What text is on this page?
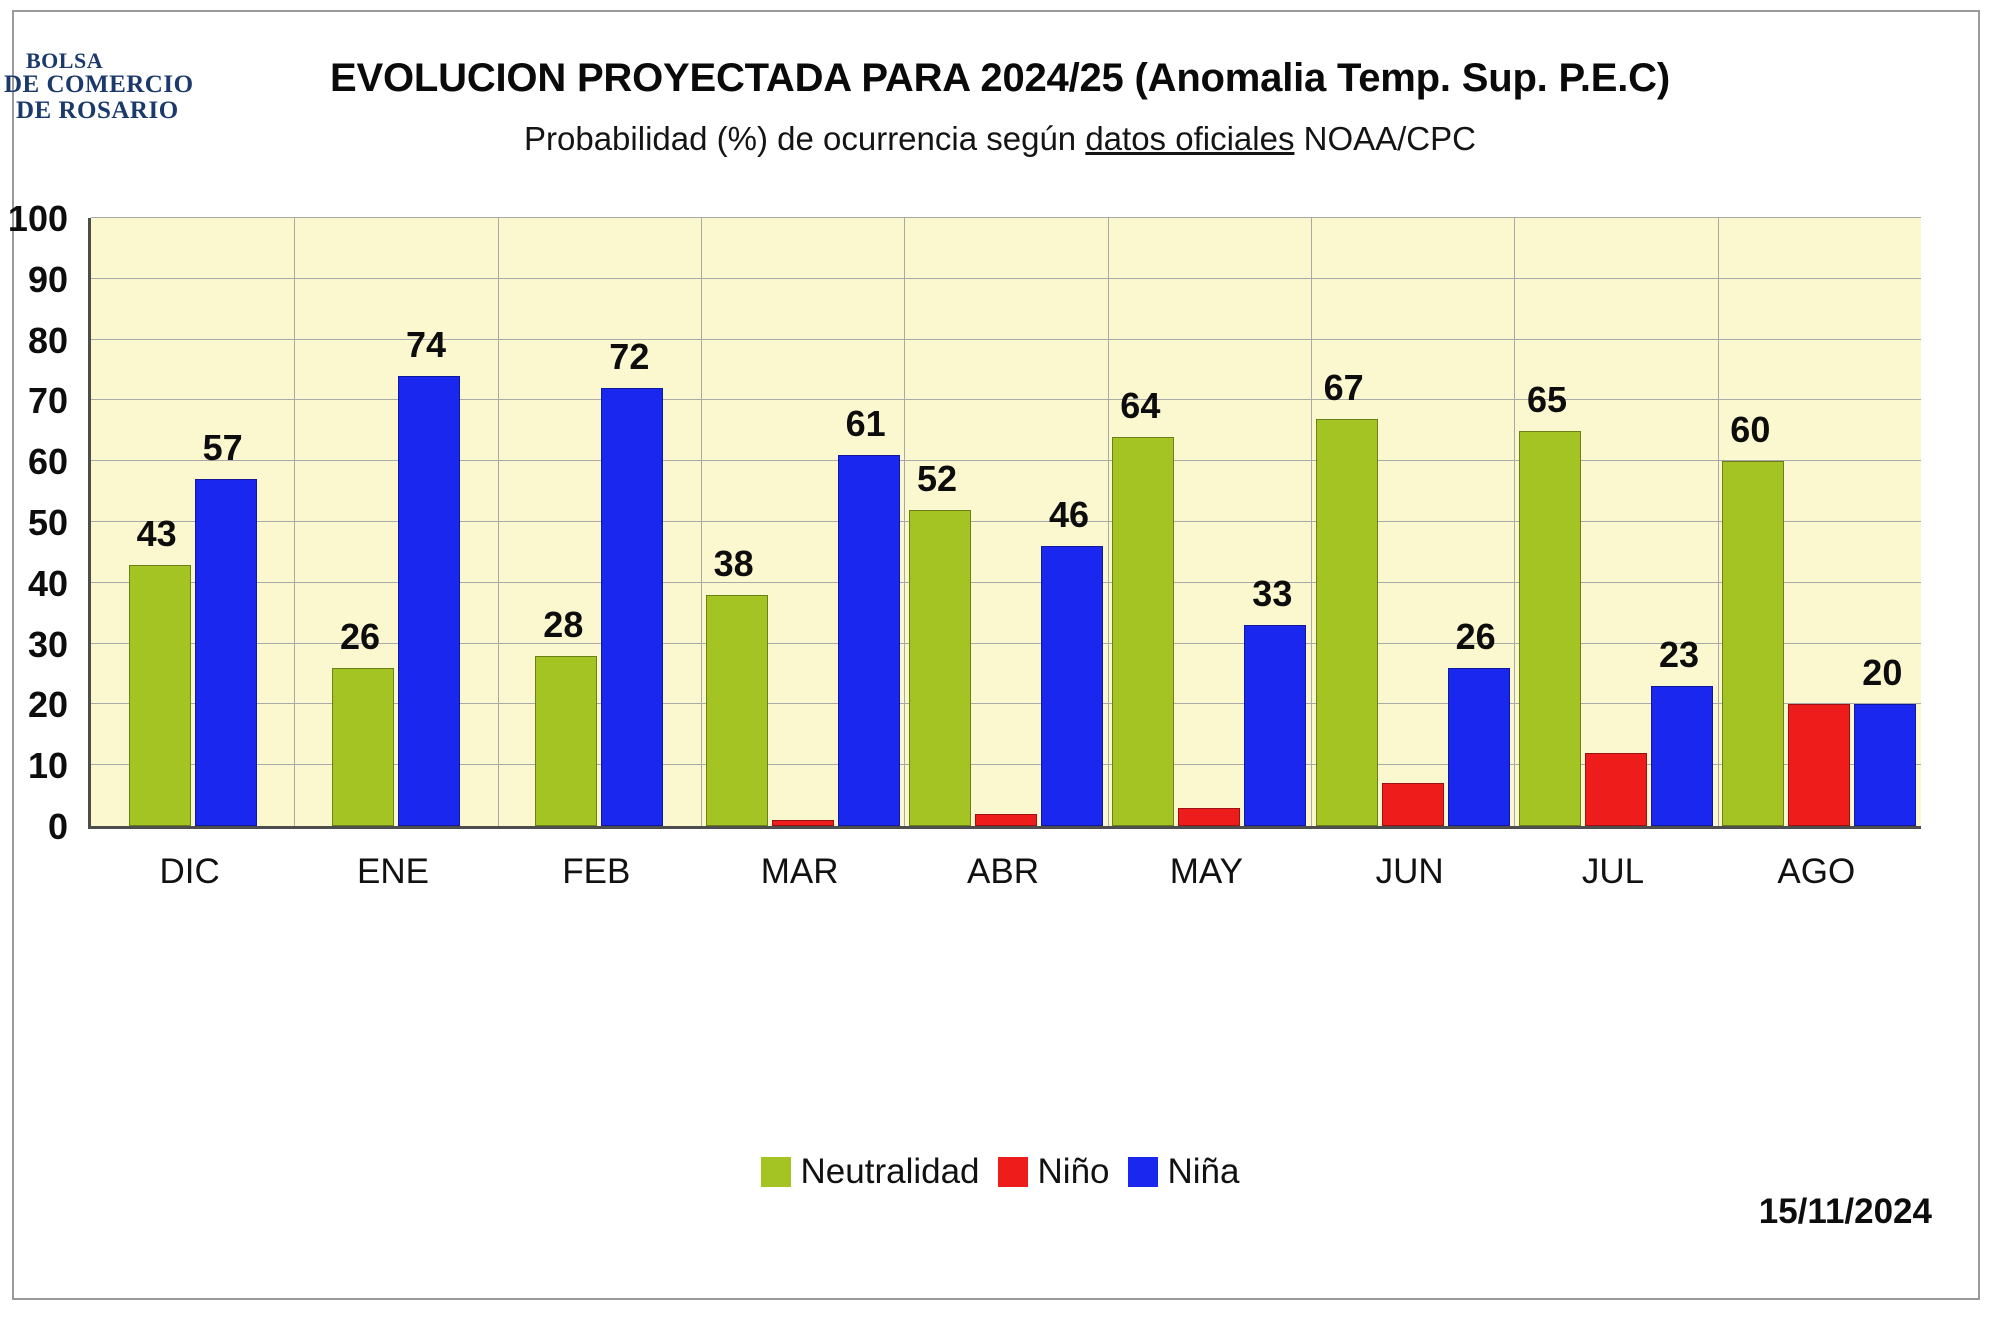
BOLSA
DE COMERCIO
DE ROSARIO
EVOLUCION PROYECTADA PARA 2024/25 (Anomalia Temp. Sup. P.E.C)
Probabilidad (%) de ocurrencia según datos oficiales NOAA/CPC
Neutralidad Niño Niña
15/11/2024
0
10
20
30
40
50
60
70
80
90
100
43
57
DIC
26
74
ENE
28
72
FEB
38
61
MAR
52
46
ABR
64
33
MAY
67
26
JUN
65
23
JUL
60
20
AGO
